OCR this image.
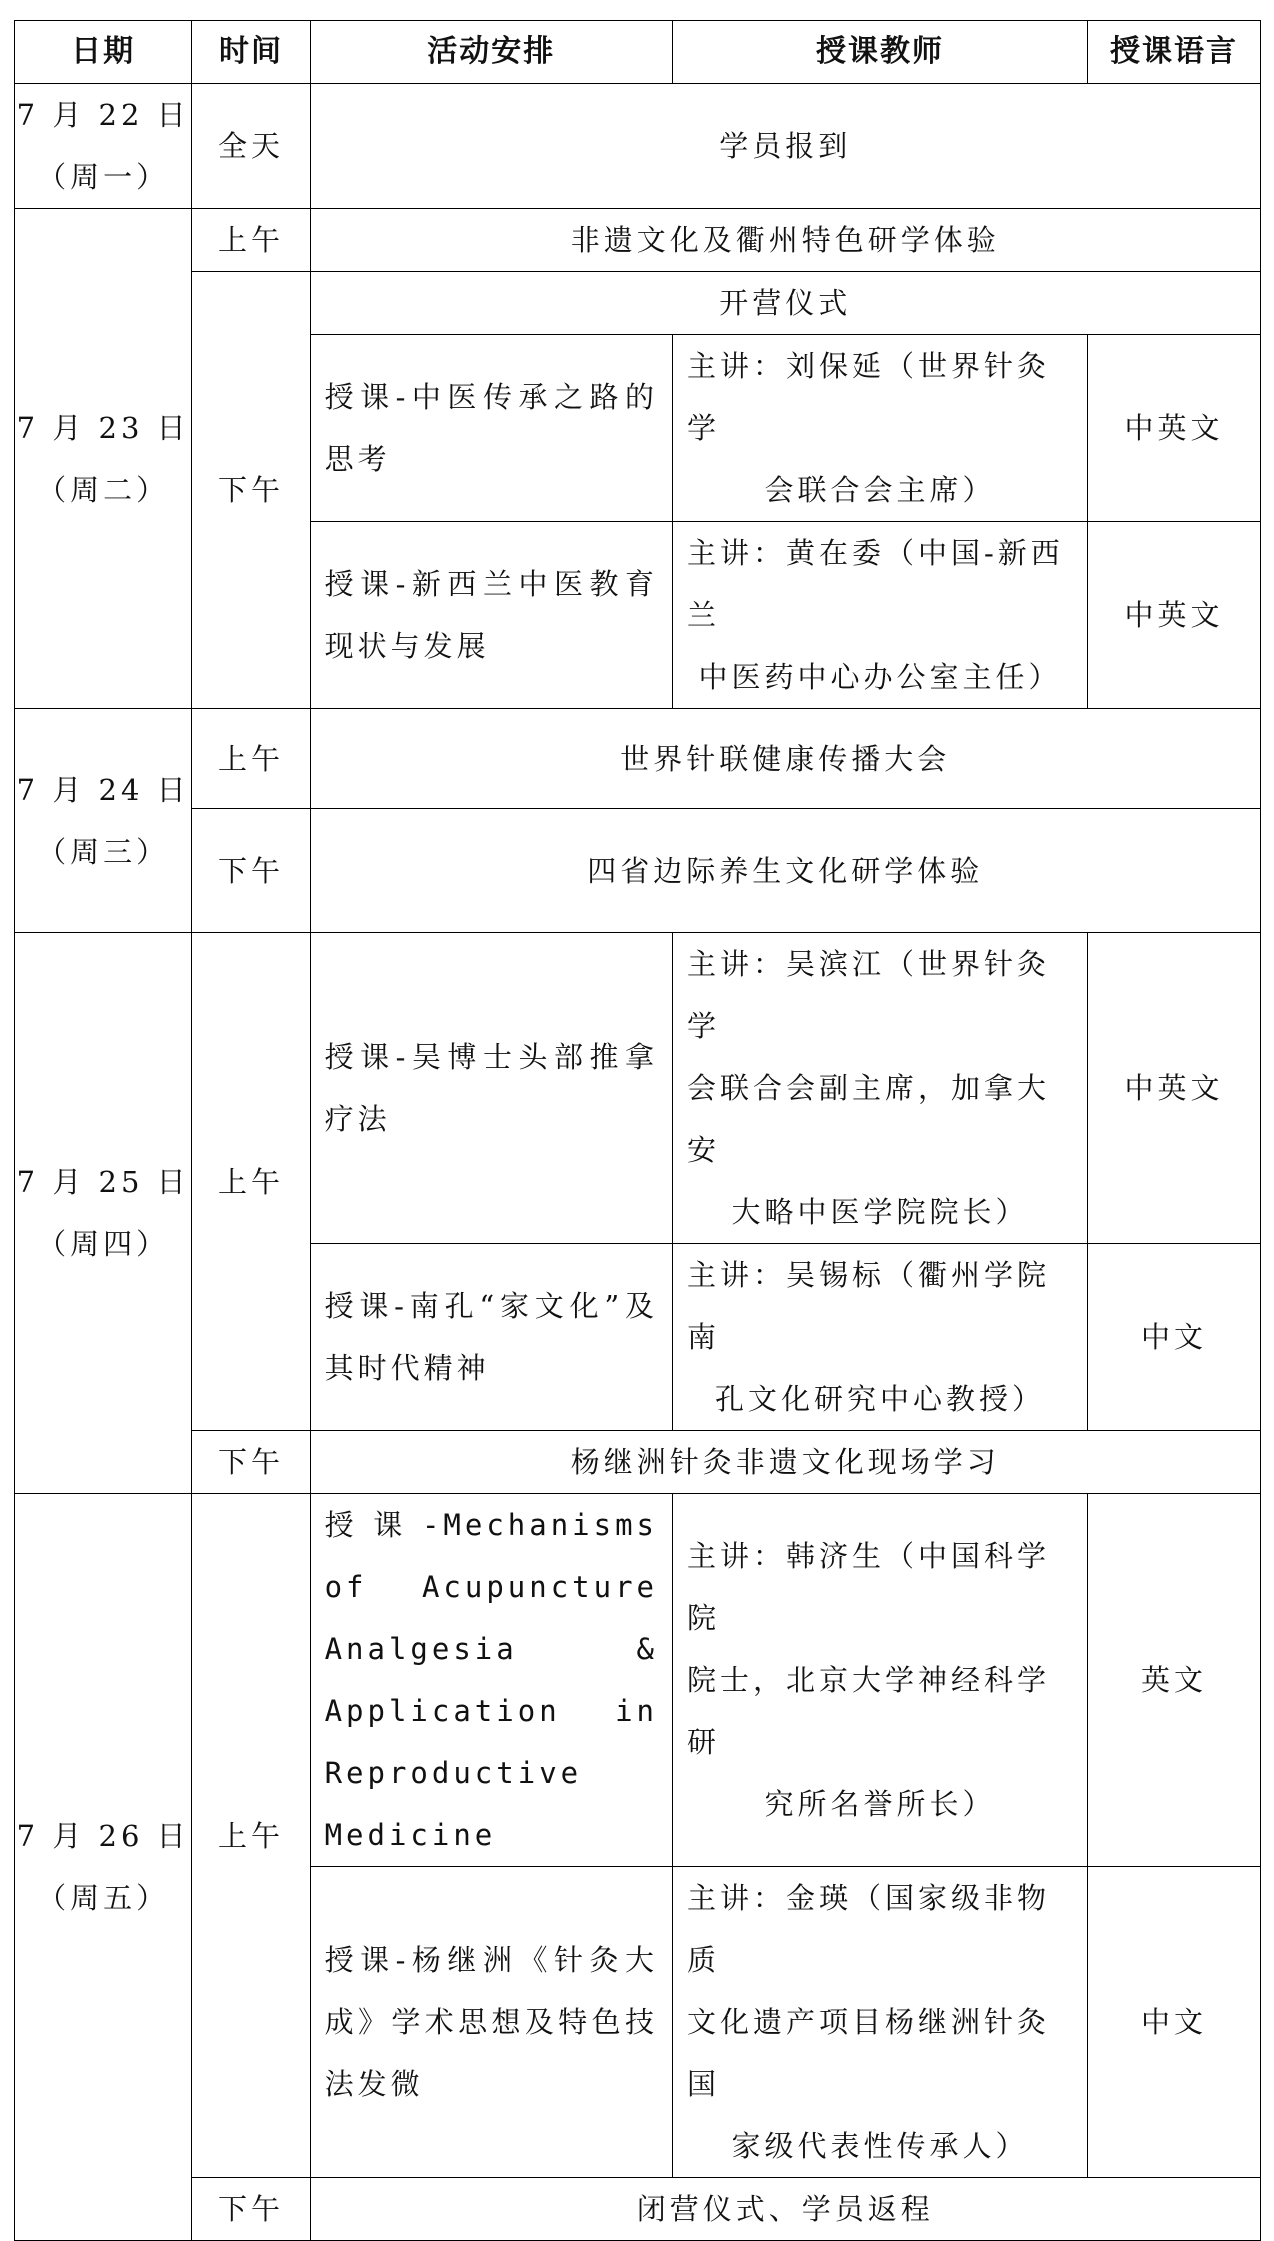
日期	时间	活动安排	授课教师	授课语言

7 月 22 日
（周一）	全天	学员报到		

7 月 23 日
（周二）	上午	非遗文化及衢州特色研学体验		
	下午	开营仪式		
		授课-中医传承之路的思考	主讲：刘保延（世界针灸学
会联合会主席）	中英文
		授课-新西兰中医教育现状与发展	主讲：黄在委（中国-新西兰
中医药中心办公室主任）	中英文

7 月 24 日
（周三）	上午	世界针联健康传播大会		
	下午	四省边际养生文化研学体验		

7 月 25 日
（周四）	上午	授课-吴博士头部推拿疗法	主讲：吴滨江（世界针灸学
会联合会副主席，加拿大安
大略中医学院院长）	中英文
		授课-南孔“家文化”及其时代精神	主讲：吴锡标（衢州学院南
孔文化研究中心教授）	中文
	下午	杨继洲针灸非遗文化现场学习		

7 月 26 日
（周五）	上午	授课-Mechanisms of Acupuncture Analgesia & Application in Reproductive Medicine	主讲：韩济生（中国科学院
院士，北京大学神经科学研
究所名誉所长）	英文
		授课-杨继洲《针灸大成》学术思想及特色技法发微	主讲：金瑛（国家级非物质
文化遗产项目杨继洲针灸国
家级代表性传承人）	中文
	下午	闭营仪式、学员返程		
